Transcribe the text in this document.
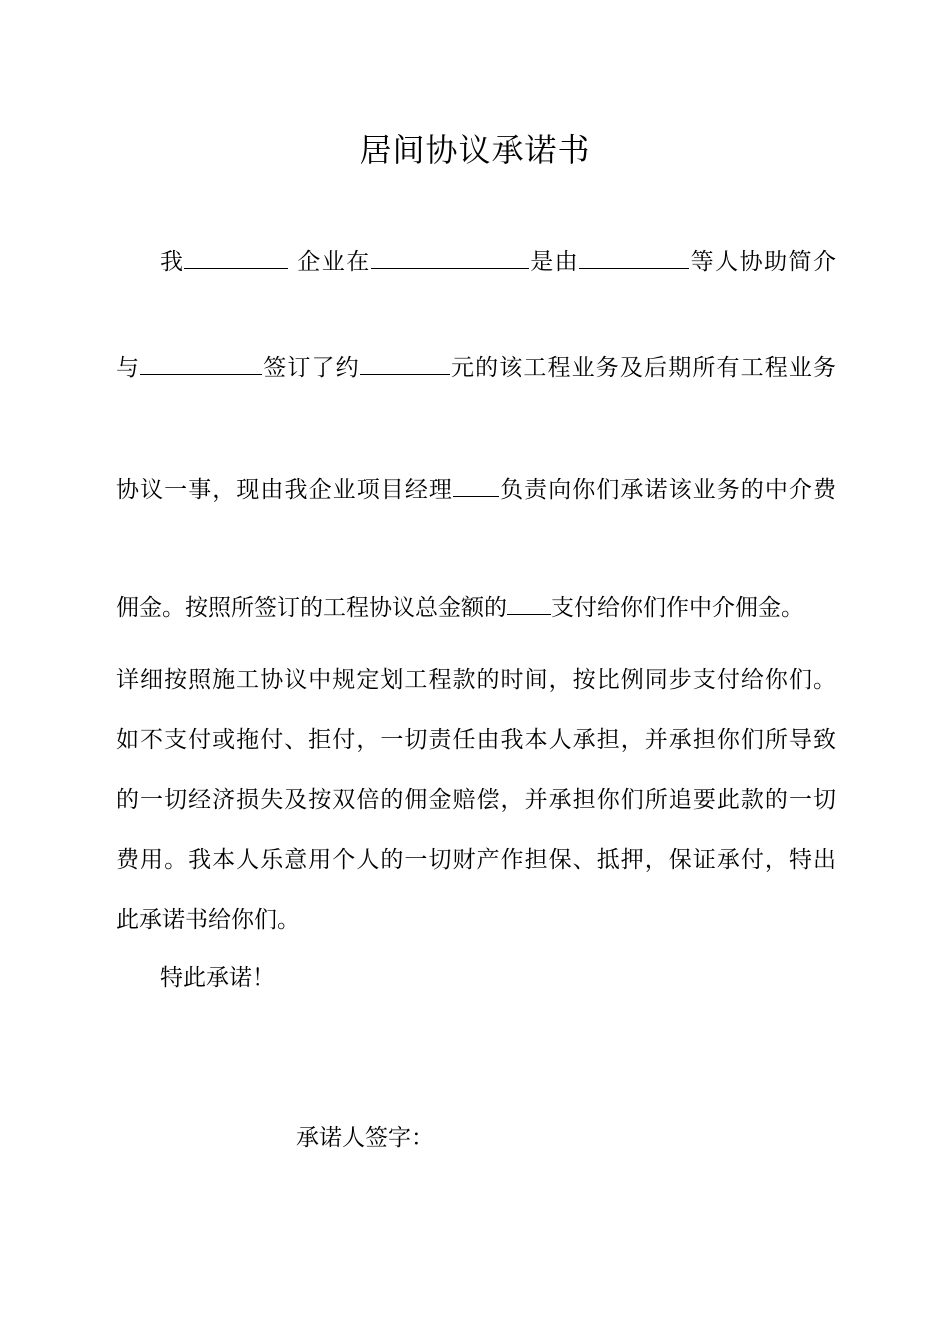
居间协议承诺书
我	企业在	是由	等人协助简介
与	签订了约	元的该工程业务及后期所有工程业务
协议一事，现由我企业项目经理 负责向你们承诺该业务的中介费
佣金。按照所签订的工程协议总金额的 支付给你们作中介佣金。
详细按照施工协议中规定划工程款的时间，按比例同步支付给你们。
如不支付或拖付、拒付，一切责任由我本人承担，并承担你们所导致
的一切经济损失及按双倍的佣金赔偿，并承担你们所追要此款的一切
费用。我本人乐意用个人的一切财产作担保、抵押，保证承付，特出
此承诺书给你们。
特此承诺！
承诺人签字：
